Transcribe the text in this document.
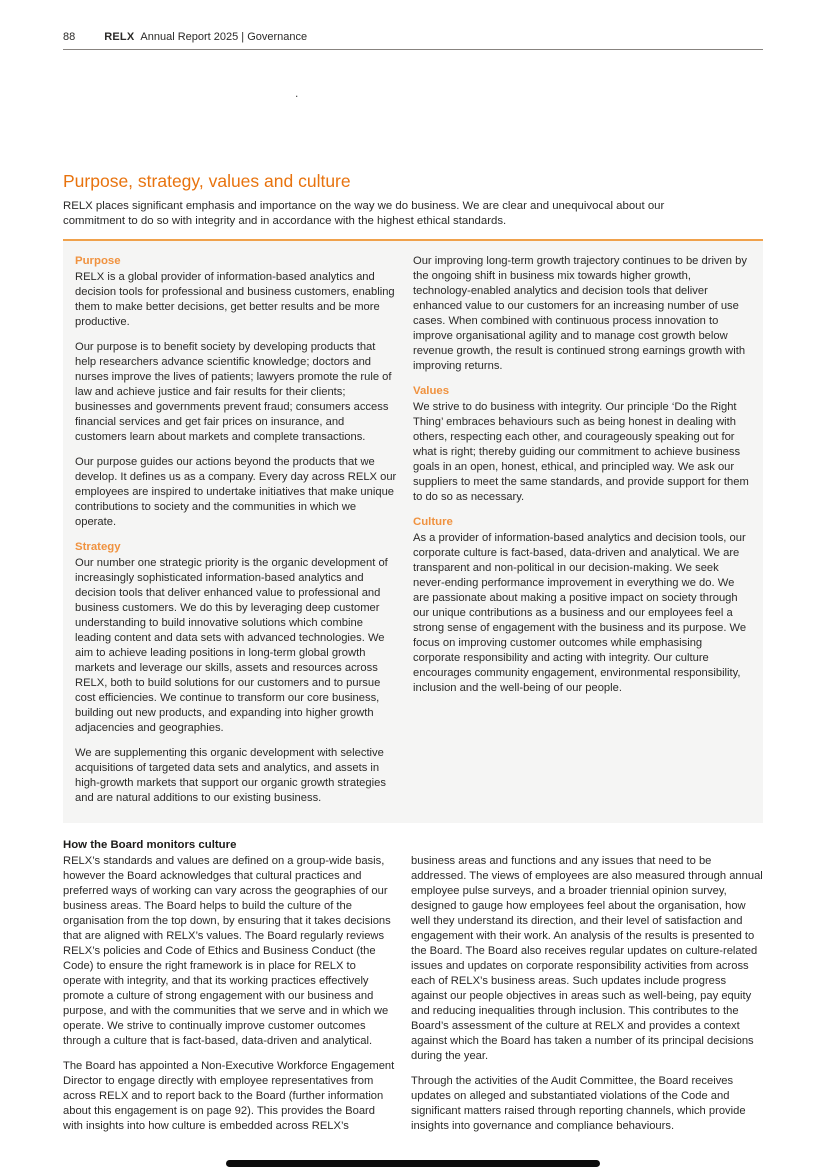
88	RELX Annual Report 2025 | Governance
Purpose, strategy, values and culture

RELX places significant emphasis and importance on the way we do business. We are clear and unequivocal about our commitment to do so with integrity and in accordance with the highest ethical standards.

Purpose

RELX is a global provider of information-based analytics and decision tools for professional and business customers, enabling them to make better decisions, get better results and be more productive.

Our purpose is to benefit society by developing products that help researchers advance scientific knowledge; doctors and nurses improve the lives of patients; lawyers promote the rule of law and achieve justice and fair results for their clients; businesses and governments prevent fraud; consumers access financial services and get fair prices on insurance, and customers learn about markets and complete transactions.

Our purpose guides our actions beyond the products that we develop. It defines us as a company. Every day across RELX our employees are inspired to undertake initiatives that make unique contributions to society and the communities in which we operate.

Strategy

Our number one strategic priority is the organic development of increasingly sophisticated information-based analytics and decision tools that deliver enhanced value to professional and business customers. We do this by leveraging deep customer understanding to build innovative solutions which combine leading content and data sets with advanced technologies. We aim to achieve leading positions in long-term global growth markets and leverage our skills, assets and resources across RELX, both to build solutions for our customers and to pursue cost efficiencies. We continue to transform our core business, building out new products, and expanding into higher growth adjacencies and geographies.

We are supplementing this organic development with selective acquisitions of targeted data sets and analytics, and assets in high-growth markets that support our organic growth strategies and are natural additions to our existing business.

Our improving long-term growth trajectory continues to be driven by the ongoing shift in business mix towards higher growth, technology-enabled analytics and decision tools that deliver enhanced value to our customers for an increasing number of use cases. When combined with continuous process innovation to improve organisational agility and to manage cost growth below revenue growth, the result is continued strong earnings growth with improving returns.

Values

We strive to do business with integrity. Our principle ‘Do the Right Thing’ embraces behaviours such as being honest in dealing with others, respecting each other, and courageously speaking out for what is right; thereby guiding our commitment to achieve business goals in an open, honest, ethical, and principled way. We ask our suppliers to meet the same standards, and provide support for them to do so as necessary.

Culture

As a provider of information-based analytics and decision tools, our corporate culture is fact-based, data-driven and analytical. We are transparent and non-political in our decision-making. We seek never-ending performance improvement in everything we do. We are passionate about making a positive impact on society through our unique contributions as a business and our employees feel a strong sense of engagement with the business and its purpose. We focus on improving customer outcomes while emphasising corporate responsibility and acting with integrity. Our culture encourages community engagement, environmental responsibility, inclusion and the well-being of our people.

How the Board monitors culture

RELX’s standards and values are defined on a group-wide basis, however the Board acknowledges that cultural practices and preferred ways of working can vary across the geographies of our business areas. The Board helps to build the culture of the organisation from the top down, by ensuring that it takes decisions that are aligned with RELX’s values. The Board regularly reviews RELX’s policies and Code of Ethics and Business Conduct (the Code) to ensure the right framework is in place for RELX to operate with integrity, and that its working practices effectively promote a culture of strong engagement with our business and purpose, and with the communities that we serve and in which we operate. We strive to continually improve customer outcomes through a culture that is fact-based, data-driven and analytical.

The Board has appointed a Non-Executive Workforce Engagement Director to engage directly with employee representatives from across RELX and to report back to the Board (further information about this engagement is on page 92). This provides the Board with insights into how culture is embedded across RELX’s

business areas and functions and any issues that need to be addressed. The views of employees are also measured through annual employee pulse surveys, and a broader triennial opinion survey, designed to gauge how employees feel about the organisation, how well they understand its direction, and their level of satisfaction and engagement with their work. An analysis of the results is presented to the Board. The Board also receives regular updates on culture-related issues and updates on corporate responsibility activities from across each of RELX’s business areas. Such updates include progress against our people objectives in areas such as well-being, pay equity and reducing inequalities through inclusion. This contributes to the Board’s assessment of the culture at RELX and provides a context against which the Board has taken a number of its principal decisions during the year.

Through the activities of the Audit Committee, the Board receives updates on alleged and substantiated violations of the Code and significant matters raised through reporting channels, which provide insights into governance and compliance behaviours.

.
